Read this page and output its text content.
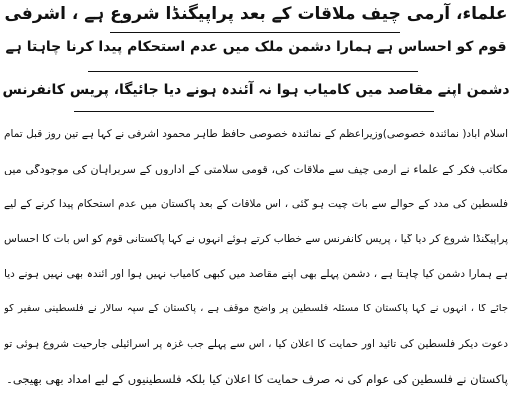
علماء، آرمی چیف ملاقات کے بعد پراپیگنڈا شروع ہے ، اشرفی
قوم کو احساس ہے ہمارا دشمن ملک میں عدم استحکام پیدا کرنا چاہتا ہے
دشمن اپنے مقاصد میں کامیاب ہوا نہ آئندہ ہونے دیا جائیگا، پریس کانفرنس
اسلام آباد( نمائندہ خصوصی)وزیراعظم کے نمائندہ خصوصی حافظ طاہر محمود اشرفی نے کہا ہے تین روز قبل تمام
مکاتب فکر کے علماء نے آرمی چیف سے ملاقات کی، قومی سلامتی کے اداروں کے سربراہان کی موجودگی میں
فلسطین کی مدد کے حوالے سے بات چیت ہو گئی ، اس ملاقات کے بعد پاکستان میں عدم استحکام پیدا کرنے کے لیے
پراپیگنڈا شروع کر دیا گیا ، پریس کانفرنس سے خطاب کرتے ہوئے انہوں نے کہا پاکستانی قوم کو اس بات کا احساس
ہے ہمارا دشمن کیا چاہتا ہے ، دشمن پہلے بھی اپنے مقاصد میں کبھی کامیاب نہیں ہوا اور آئندہ بھی نہیں ہونے دیا
جائے گا ، انہوں نے کہا پاکستان کا مسئلہ فلسطین پر واضح موقف ہے ، پاکستان کے سپہ سالار نے فلسطینی سفیر کو
دعوت دیکر فلسطین کی تائید اور حمایت کا اعلان کیا ، اس سے پہلے جب غزہ پر اسرائیلی جارحیت شروع ہوئی تو
پاکستان نے فلسطین کی عوام کی نہ صرف حمایت کا اعلان کیا بلکہ فلسطینیوں کے لیے امداد بھی بھیجی۔
